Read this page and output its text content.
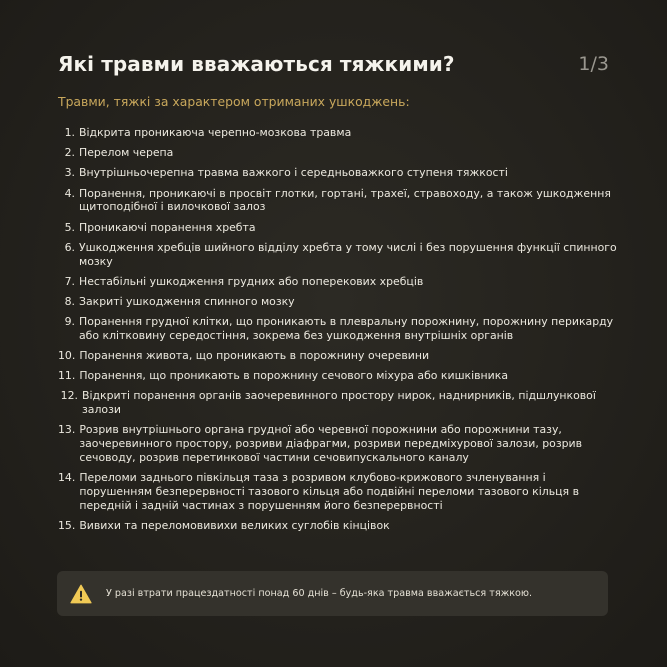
Які травми вважаються тяжкими?	1/3
Травми, тяжкі за характером отриманих ушкоджень:
1. Відкрита проникаюча черепно-мозкова травма
2. Перелом черепа
3. Внутрішньочерепна травма важкого і середньоважкого ступеня тяжкості
4. Поранення, проникаючі в просвіт глотки, гортані, трахеї, стравоходу, а також ушкодження щитоподібної і вилочкової залоз
5. Проникаючі поранення хребта
6. Ушкодження хребців шийного відділу хребта у тому числі і без порушення функції спинного мозку
7. Нестабільні ушкодження грудних або поперекових хребців
8. Закриті ушкодження спинного мозку
9. Поранення грудної клітки, що проникають в плевральну порожнину, порожнину перикарду або клітковину середостіння, зокрема без ушкодження внутрішніх органів
10. Поранення живота, що проникають в порожнину очеревини
11. Поранення, що проникають в порожнину сечового міхура або кишківника
12. Відкриті поранення органів заочеревинного простору нирок, наднирників, підшлункової залози
13. Розрив внутрішнього органа грудної або черевної порожнини або порожнини тазу, заочеревинного простору, розриви діафрагми, розриви передміхурової залози, розрив сечоводу, розрив перетинкової частини сечовипускального каналу
14. Переломи заднього півкільця таза з розривом клубово-крижового зчленування і порушенням безперервності тазового кільця або подвійні переломи тазового кільця в передній і задній частинах з порушенням його безперервності
15. Вивихи та переломовивихи великих суглобів кінцівок
У разі втрати працездатності понад 60 днів – будь-яка травма вважається тяжкою.
